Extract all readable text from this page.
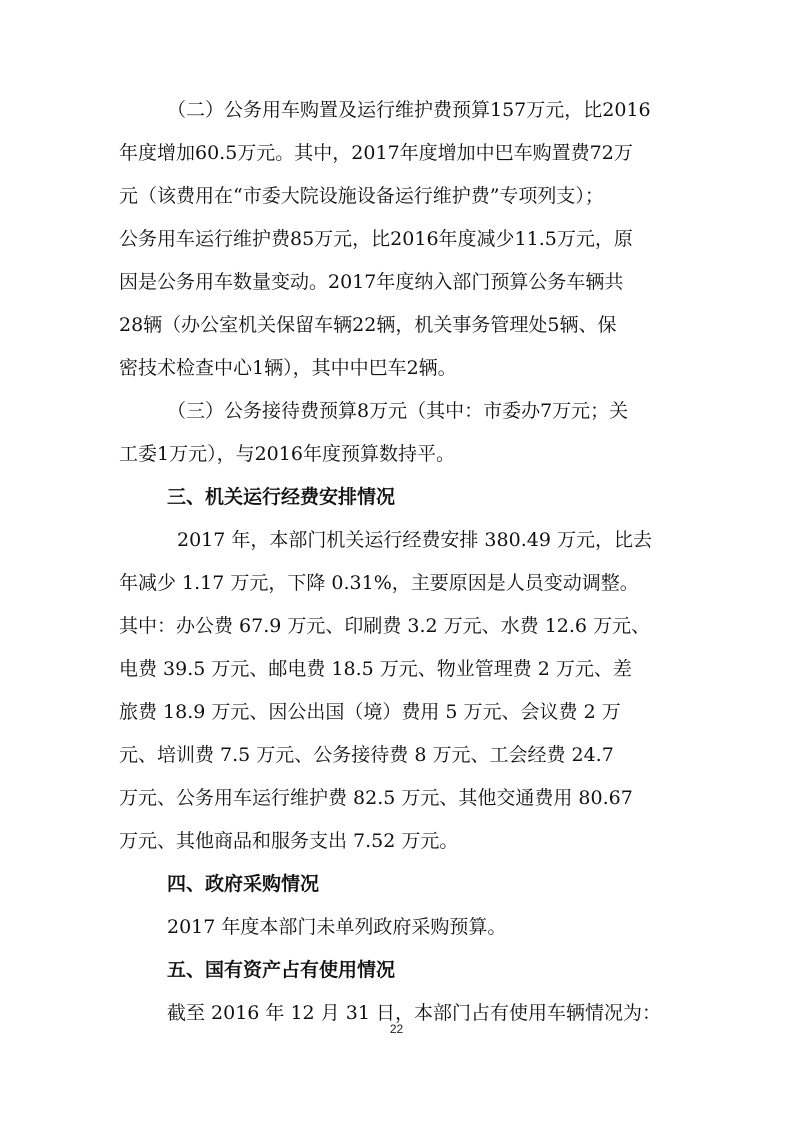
（二）公务用车购置及运行维护费预算157万元，比2016
年度增加60.5万元。其中，2017年度增加中巴车购置费72万
元（该费用在“市委大院设施设备运行维护费”专项列支）；
公务用车运行维护费85万元，比2016年度减少11.5万元，原
因是公务用车数量变动。2017年度纳入部门预算公务车辆共
28辆（办公室机关保留车辆22辆，机关事务管理处5辆、保
密技术检查中心1辆），其中中巴车2辆。
（三）公务接待费预算8万元（其中：市委办7万元；关
工委1万元），与2016年度预算数持平。
三、机关运行经费安排情况
2017 年，本部门机关运行经费安排 380.49 万元，比去
年减少 1.17 万元，下降 0.31%，主要原因是人员变动调整。
其中：办公费 67.9 万元、印刷费 3.2 万元、水费 12.6 万元、
电费 39.5 万元、邮电费 18.5 万元、物业管理费 2 万元、差
旅费 18.9 万元、因公出国（境）费用 5 万元、会议费 2 万
元、培训费 7.5 万元、公务接待费 8 万元、工会经费 24.7
万元、公务用车运行维护费 82.5 万元、其他交通费用 80.67
万元、其他商品和服务支出 7.52 万元。
四、政府采购情况
2017 年度本部门未单列政府采购预算。
五、国有资产占有使用情况
截至 2016 年 12 月 31 日，本部门占有使用车辆情况为：
22
